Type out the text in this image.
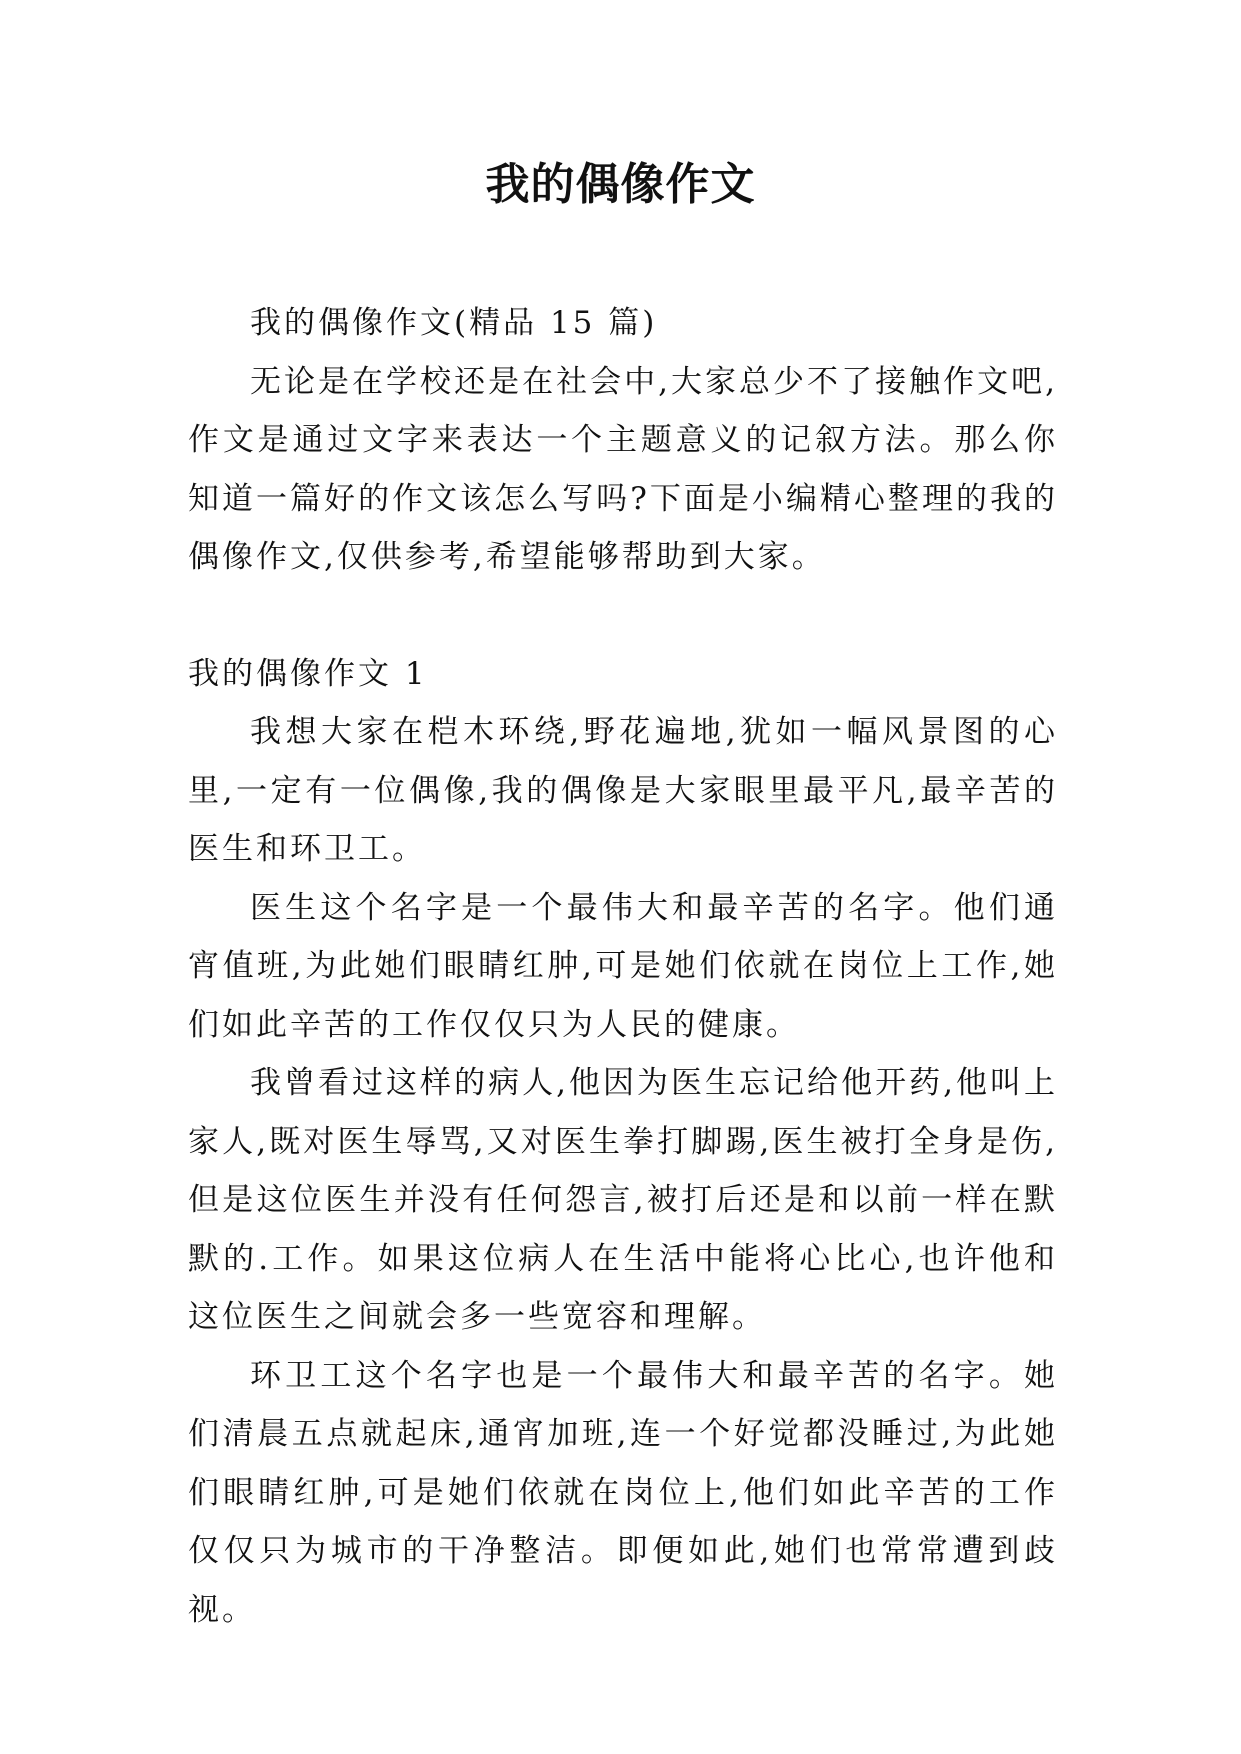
我的偶像作文

我的偶像作文(精品 15 篇)

无论是在学校还是在社会中,大家总少不了接触作文吧,作文是通过文字来表达一个主题意义的记叙方法。那么你知道一篇好的作文该怎么写吗?下面是小编精心整理的我的偶像作文,仅供参考,希望能够帮助到大家。

我的偶像作文 1

我想大家在桤木环绕,野花遍地,犹如一幅风景图的心里,一定有一位偶像,我的偶像是大家眼里最平凡,最辛苦的医生和环卫工。

医生这个名字是一个最伟大和最辛苦的名字。他们通宵值班,为此她们眼睛红肿,可是她们依就在岗位上工作,她们如此辛苦的工作仅仅只为人民的健康。

我曾看过这样的病人,他因为医生忘记给他开药,他叫上家人,既对医生辱骂,又对医生拳打脚踢,医生被打全身是伤,但是这位医生并没有任何怨言,被打后还是和以前一样在默默的.工作。如果这位病人在生活中能将心比心,也许他和这位医生之间就会多一些宽容和理解。

环卫工这个名字也是一个最伟大和最辛苦的名字。她们清晨五点就起床,通宵加班,连一个好觉都没睡过,为此她们眼睛红肿,可是她们依就在岗位上,他们如此辛苦的工作仅仅只为城市的干净整洁。即便如此,她们也常常遭到歧视。
